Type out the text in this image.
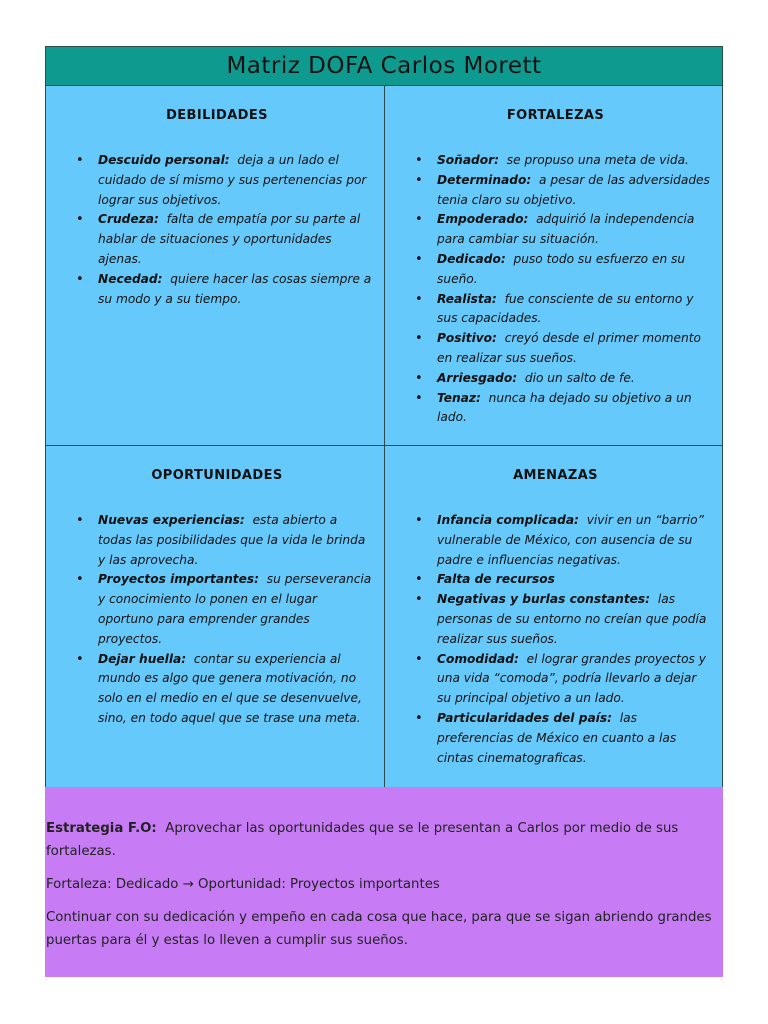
Matriz DOFA Carlos Morett
DEBILIDADES
• Descuido personal: deja a un lado el cuidado de sí mismo y sus pertenencias por lograr sus objetivos.
• Crudeza: falta de empatía por su parte al hablar de situaciones y oportunidades ajenas.
• Necedad: quiere hacer las cosas siempre a su modo y a su tiempo.
FORTALEZAS
• Soñador: se propuso una meta de vida.
• Determinado: a pesar de las adversidades tenia claro su objetivo.
• Empoderado: adquirió la independencia para cambiar su situación.
• Dedicado: puso todo su esfuerzo en su sueño.
• Realista: fue consciente de su entorno y sus capacidades.
• Positivo: creyó desde el primer momento en realizar sus sueños.
• Arriesgado: dio un salto de fe.
• Tenaz: nunca ha dejado su objetivo a un lado.
OPORTUNIDADES
• Nuevas experiencias: esta abierto a todas las posibilidades que la vida le brinda y las aprovecha.
• Proyectos importantes: su perseverancia y conocimiento lo ponen en el lugar oportuno para emprender grandes proyectos.
• Dejar huella: contar su experiencia al mundo es algo que genera motivación, no solo en el medio en el que se desenvuelve, sino, en todo aquel que se trase una meta.
AMENAZAS
• Infancia complicada: vivir en un “barrio” vulnerable de México, con ausencia de su padre e influencias negativas.
• Falta de recursos
• Negativas y burlas constantes: las personas de su entorno no creían que podía realizar sus sueños.
• Comodidad: el lograr grandes proyectos y una vida “comoda”, podría llevarlo a dejar su principal objetivo a un lado.
• Particularidades del país: las preferencias de México en cuanto a las cintas cinematograficas.

Estrategia F.O: Aprovechar las oportunidades que se le presentan a Carlos por medio de sus fortalezas.

Fortaleza: Dedicado → Oportunidad: Proyectos importantes

Continuar con su dedicación y empeño en cada cosa que hace, para que se sigan abriendo grandes puertas para él y estas lo lleven a cumplir sus sueños.
